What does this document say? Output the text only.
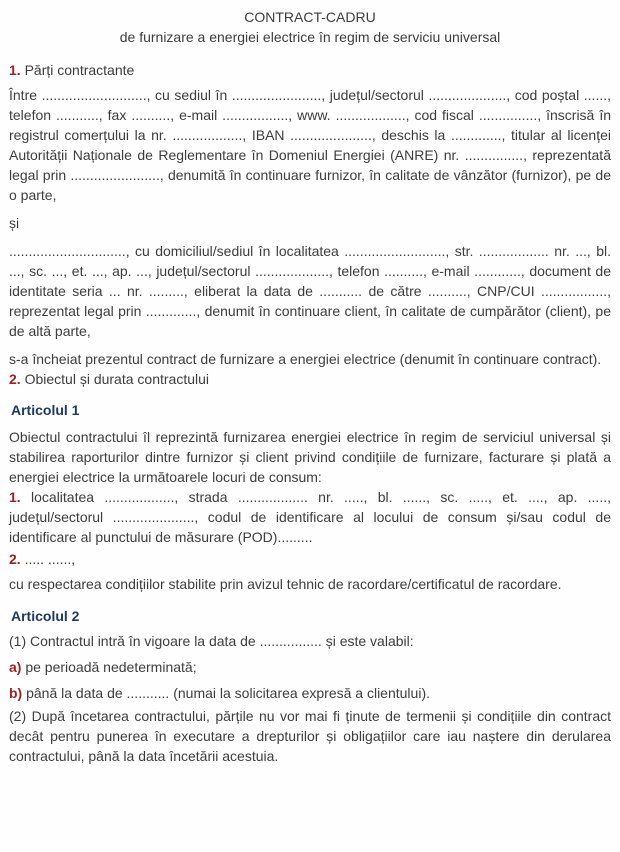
CONTRACT-CADRU

de furnizare a energiei electrice în regim de serviciu universal

1. Părți contractante

Între ..........................., cu sediul în ......................., județul/sectorul ...................., cod poștal ......, telefon ..........., fax .........., e-mail ................., www. .................., cod fiscal ..............., înscrisă în registrul comerțului la nr. .................., IBAN ....................., deschis la ............., titular al licenței Autorității Naționale de Reglementare în Domeniul Energiei (ANRE) nr. ..............., reprezentată legal prin ......................., denumită în continuare furnizor, în calitate de vânzător (furnizor), pe de o parte,

și

.............................., cu domiciliul/sediul în localitatea .........................., str. .................. nr. ..., bl. ..., sc. ..., et. ..., ap. ..., județul/sectorul ..................., telefon .........., e-mail ............, document de identitate seria ... nr. ........., eliberat la data de ........... de către .........., CNP/CUI ................., reprezentat legal prin ............., denumit în continuare client, în calitate de cumpărător (client), pe de altă parte,

s-a încheiat prezentul contract de furnizare a energiei electrice (denumit în continuare contract).

2. Obiectul și durata contractului

Articolul 1

Obiectul contractului îl reprezintă furnizarea energiei electrice în regim de serviciul universal și stabilirea raporturilor dintre furnizor și client privind condițiile de furnizare, facturare și plată a energiei electrice la următoarele locuri de consum:

1. localitatea .................., strada .................. nr. ....., bl. ......, sc. ....., et. ...., ap. ....., județul/sectorul ....................., codul de identificare al locului de consum și/sau codul de identificare al punctului de măsurare (POD).........

2. ..... ......,

cu respectarea condițiilor stabilite prin avizul tehnic de racordare/certificatul de racordare.

Articolul 2

(1) Contractul intră în vigoare la data de ................ și este valabil:

a) pe perioadă nedeterminată;

b) până la data de ........... (numai la solicitarea expresă a clientului).

(2) După încetarea contractului, părțile nu vor mai fi ținute de termenii și condițiile din contract decât pentru punerea în executare a drepturilor și obligațiilor care iau naștere din derularea contractului, până la data încetării acestuia.
